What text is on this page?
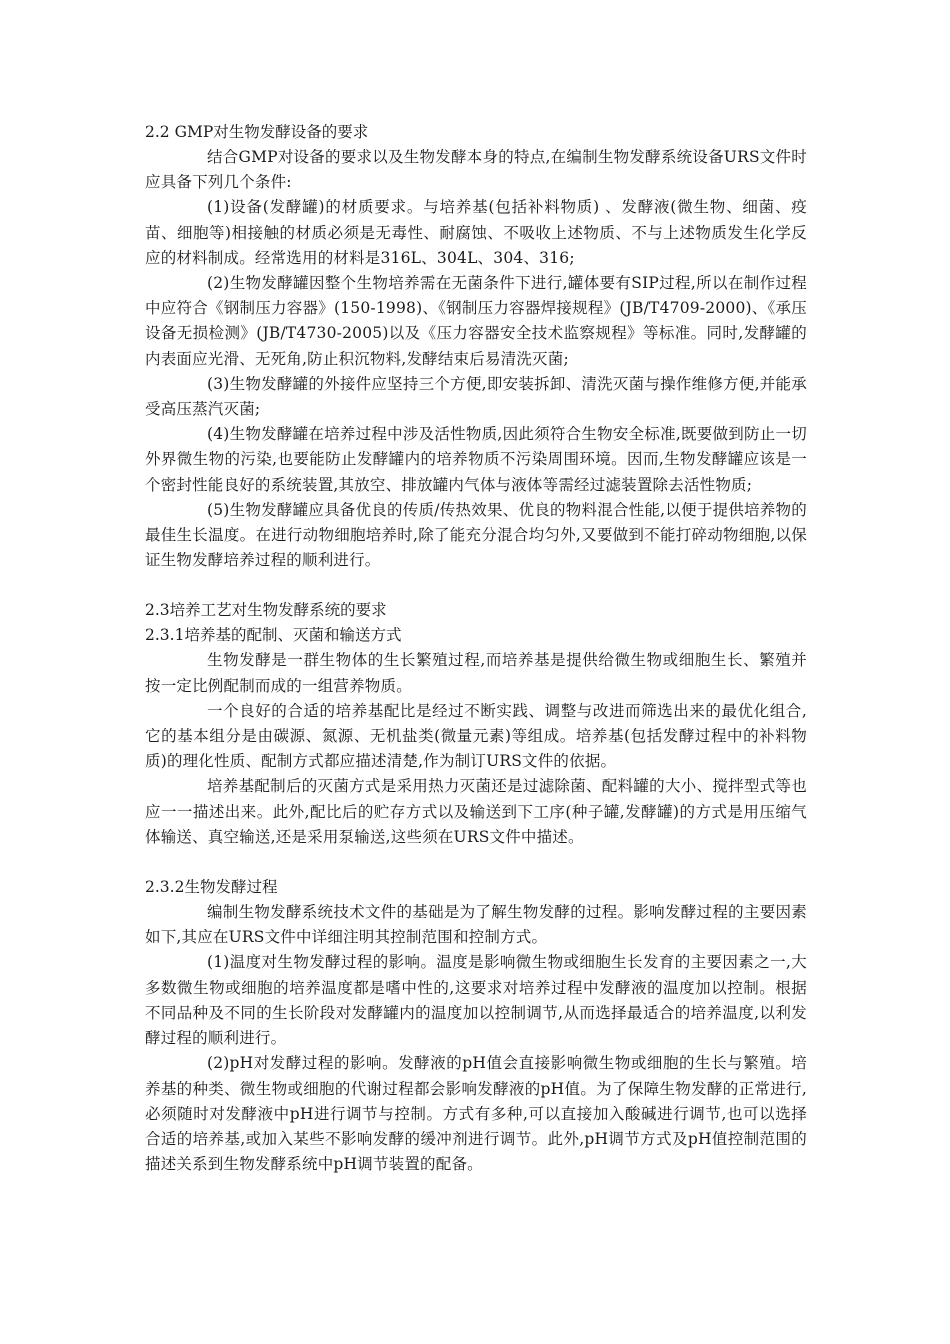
2.2 GMP对生物发酵设备的要求

结合GMP对设备的要求以及生物发酵本身的特点,在编制生物发酵系统设备URS文件时应具备下列几个条件:

(1)设备(发酵罐)的材质要求。与培养基(包括补料物质) 、发酵液(微生物、细菌、疫苗、细胞等)相接触的材质必须是无毒性、耐腐蚀、不吸收上述物质、不与上述物质发生化学反应的材料制成。经常选用的材料是316L、304L、304、316;

(2)生物发酵罐因整个生物培养需在无菌条件下进行,罐体要有SIP过程,所以在制作过程中应符合《钢制压力容器》(150-1998)、《钢制压力容器焊接规程》(JB/T4709-2000)、《承压设备无损检测》(JB/T4730-2005)以及《压力容器安全技术监察规程》等标准。同时,发酵罐的内表面应光滑、无死角,防止积沉物料,发酵结束后易清洗灭菌;

(3)生物发酵罐的外接件应坚持三个方便,即安装拆卸、清洗灭菌与操作维修方便,并能承受高压蒸汽灭菌;

(4)生物发酵罐在培养过程中涉及活性物质,因此须符合生物安全标准,既要做到防止一切外界微生物的污染,也要能防止发酵罐内的培养物质不污染周围环境。因而,生物发酵罐应该是一个密封性能良好的系统装置,其放空、排放罐内气体与液体等需经过滤装置除去活性物质;

(5)生物发酵罐应具备优良的传质/传热效果、优良的物料混合性能,以便于提供培养物的最佳生长温度。在进行动物细胞培养时,除了能充分混合均匀外,又要做到不能打碎动物细胞,以保证生物发酵培养过程的顺利进行。

2.3培养工艺对生物发酵系统的要求
2.3.1培养基的配制、灭菌和输送方式

生物发酵是一群生物体的生长繁殖过程,而培养基是提供给微生物或细胞生长、繁殖并按一定比例配制而成的一组营养物质。

一个良好的合适的培养基配比是经过不断实践、调整与改进而筛选出来的最优化组合,它的基本组分是由碳源、氮源、无机盐类(微量元素)等组成。培养基(包括发酵过程中的补料物质)的理化性质、配制方式都应描述清楚,作为制订URS文件的依据。

培养基配制后的灭菌方式是采用热力灭菌还是过滤除菌、配料罐的大小、搅拌型式等也应一一描述出来。此外,配比后的贮存方式以及输送到下工序(种子罐,发酵罐)的方式是用压缩气体输送、真空输送,还是采用泵输送,这些须在URS文件中描述。

2.3.2生物发酵过程

编制生物发酵系统技术文件的基础是为了解生物发酵的过程。影响发酵过程的主要因素如下,其应在URS文件中详细注明其控制范围和控制方式。

(1)温度对生物发酵过程的影响。温度是影响微生物或细胞生长发育的主要因素之一,大多数微生物或细胞的培养温度都是嗜中性的,这要求对培养过程中发酵液的温度加以控制。根据不同品种及不同的生长阶段对发酵罐内的温度加以控制调节,从而选择最适合的培养温度,以利发酵过程的顺利进行。

(2)pH对发酵过程的影响。发酵液的pH值会直接影响微生物或细胞的生长与繁殖。培养基的种类、微生物或细胞的代谢过程都会影响发酵液的pH值。为了保障生物发酵的正常进行,必须随时对发酵液中pH进行调节与控制。方式有多种,可以直接加入酸碱进行调节,也可以选择合适的培养基,或加入某些不影响发酵的缓冲剂进行调节。此外,pH调节方式及pH值控制范围的描述关系到生物发酵系统中pH调节装置的配备。
